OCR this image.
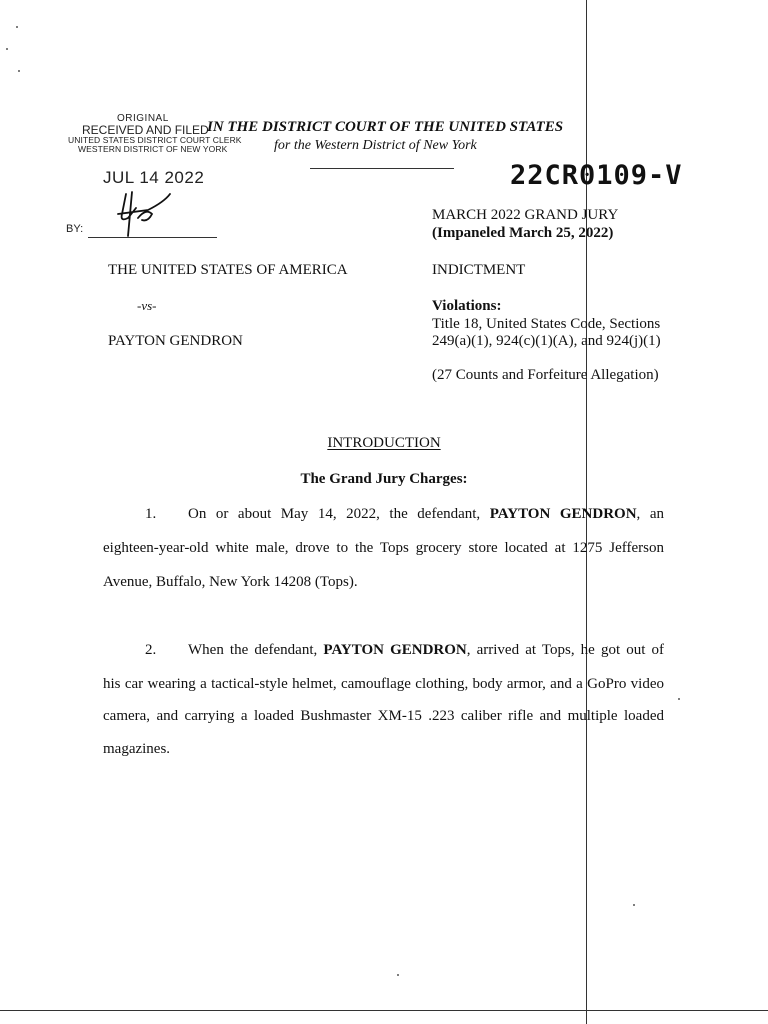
ORIGINAL
RECEIVED AND FILED
UNITED STATES DISTRICT COURT CLERK
WESTERN DISTRICT OF NEW YORK
JUL 14 2022
BY:
IN THE DISTRICT COURT OF THE UNITED STATES
for the Western District of New York
22CR0109-V
MARCH 2022 GRAND JURY
(Impaneled March 25, 2022)
THE UNITED STATES OF AMERICA
-vs-
PAYTON GENDRON
INDICTMENT
Violations:
Title 18, United States Code, Sections
249(a)(1), 924(c)(1)(A), and 924(j)(1)
(27 Counts and Forfeiture Allegation)
INTRODUCTION
The Grand Jury Charges:
1. On or about May 14, 2022, the defendant, PAYTON GENDRON, an
eighteen-year-old white male, drove to the Tops grocery store located at 1275 Jefferson
Avenue, Buffalo, New York 14208 (Tops).
2. When the defendant, PAYTON GENDRON, arrived at Tops, he got out of
his car wearing a tactical-style helmet, camouflage clothing, body armor, and a GoPro video
camera, and carrying a loaded Bushmaster XM-15 .223 caliber rifle and multiple loaded
magazines.
